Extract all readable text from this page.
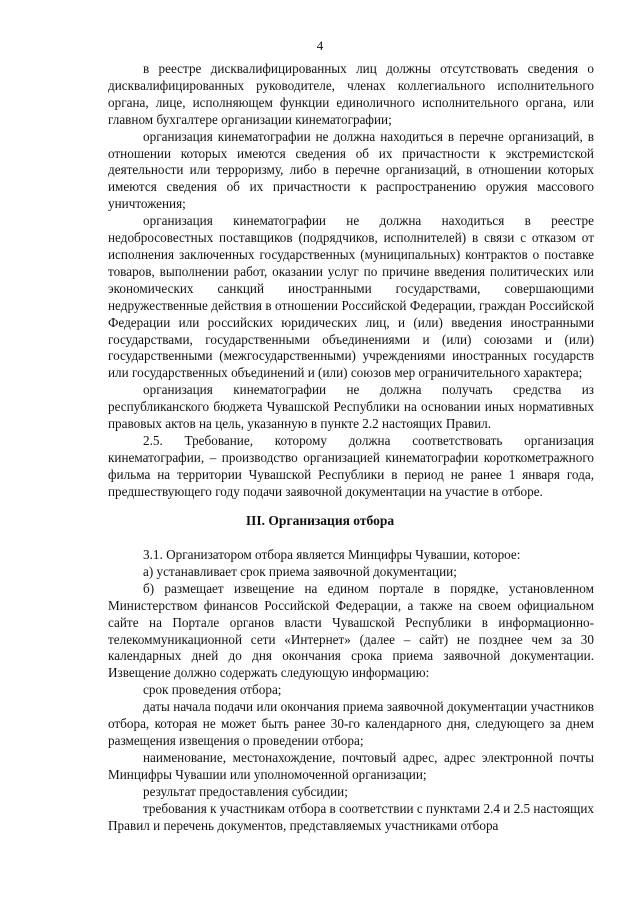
4

в реестре дисквалифицированных лиц должны отсутствовать сведения о дисквалифицированных руководителе, членах коллегиального исполнительного органа, лице, исполняющем функции единоличного исполнительного органа, или главном бухгалтере организации кинематографии;

организация кинематографии не должна находиться в перечне организаций, в отношении которых имеются сведения об их причастности к экстремистской деятельности или терроризму, либо в перечне организаций, в отношении которых имеются сведения об их причастности к распространению оружия массового уничтожения;

организация кинематографии не должна находиться в реестре недобросовестных поставщиков (подрядчиков, исполнителей) в связи с отказом от исполнения заключенных государственных (муниципальных) контрактов о поставке товаров, выполнении работ, оказании услуг по причине введения политических или экономических санкций иностранными государствами, совершающими недружественные действия в отношении Российской Федерации, граждан Российской Федерации или российских юридических лиц, и (или) введения иностранными государствами, государственными объединениями и (или) союзами и (или) государственными (межгосударственными) учреждениями иностранных государств или государственных объединений и (или) союзов мер ограничительного характера;

организация кинематографии не должна получать средства из республиканского бюджета Чувашской Республики на основании иных нормативных правовых актов на цель, указанную в пункте 2.2 настоящих Правил.

2.5. Требование, которому должна соответствовать организация кинематографии, – производство организацией кинематографии короткометражного фильма на территории Чувашской Республики в период не ранее 1 января года, предшествующего году подачи заявочной документации на участие в отборе.

III. Организация отбора

3.1. Организатором отбора является Минцифры Чувашии, которое:

а) устанавливает срок приема заявочной документации;

б) размещает извещение на едином портале в порядке, установленном Министерством финансов Российской Федерации, а также на своем официальном сайте на Портале органов власти Чувашской Республики в информационно-телекоммуникационной сети «Интернет» (далее – сайт) не позднее чем за 30 календарных дней до дня окончания срока приема заявочной документации. Извещение должно содержать следующую информацию:

срок проведения отбора;

даты начала подачи или окончания приема заявочной документации участников отбора, которая не может быть ранее 30-го календарного дня, следующего за днем размещения извещения о проведении отбора;

наименование, местонахождение, почтовый адрес, адрес электронной почты Минцифры Чувашии или уполномоченной организации;

результат предоставления субсидии;

требования к участникам отбора в соответствии с пунктами 2.4 и 2.5 настоящих Правил и перечень документов, представляемых участниками отбора
